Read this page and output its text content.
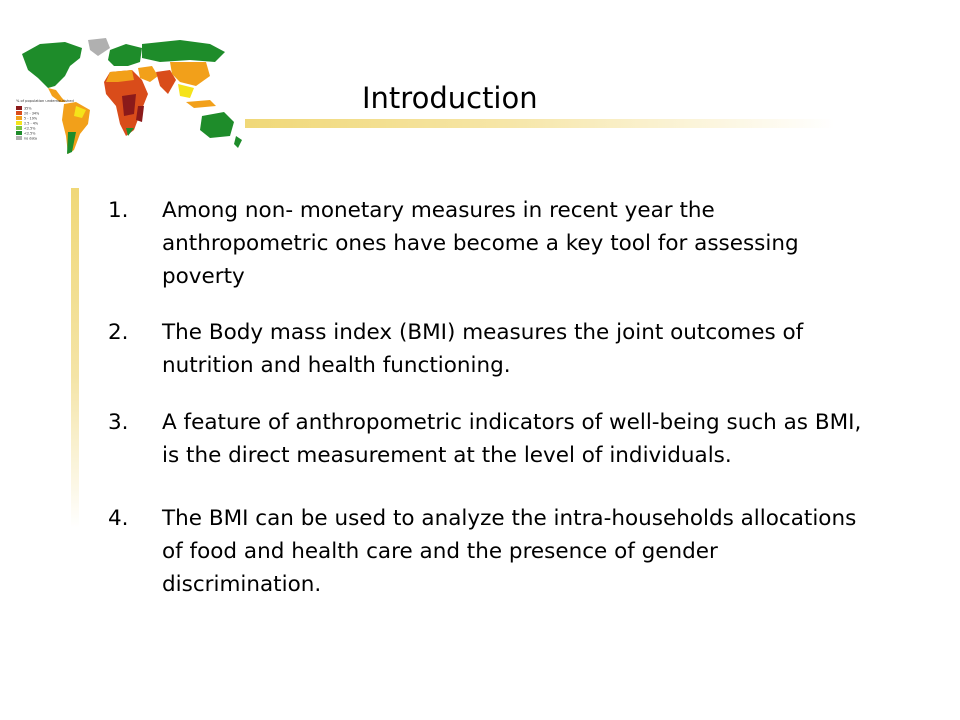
% of population undernourished
35%
20 - 34%
5 - 19%
2.5 - 4%
<2.5%
<2.5%
no data
Introduction
1.	Among non- monetary measures in recent year the anthropometric ones have become a key tool for assessing poverty
2.	The Body mass index (BMI) measures the joint outcomes of nutrition and health functioning.
3.	A feature of anthropometric indicators of well-being such as BMI, is the direct measurement at the level of individuals.
4.	The BMI can be used to analyze the intra-households allocations of food and health care and the presence of gender discrimination.
